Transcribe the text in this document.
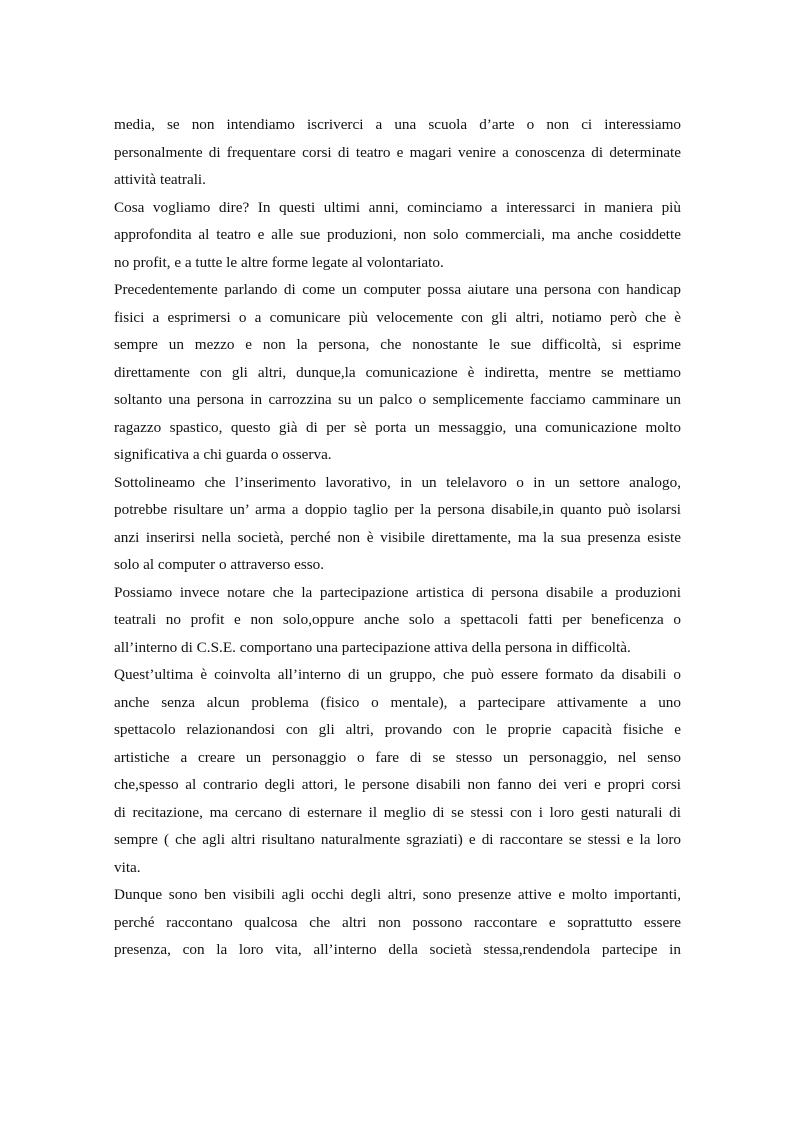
media, se non intendiamo iscriverci a una scuola d’arte o non ci interessiamo
personalmente di frequentare corsi di teatro e magari venire a conoscenza di determinate
attività teatrali.
Cosa vogliamo dire? In questi ultimi anni, cominciamo a interessarci in maniera più
approfondita al teatro e alle sue produzioni, non solo commerciali, ma anche cosiddette
no profit, e a tutte le altre forme legate al volontariato.
Precedentemente parlando di come un computer possa aiutare una persona con handicap
fisici a esprimersi o a comunicare più velocemente con gli altri, notiamo però che è
sempre un mezzo e non la persona, che nonostante le sue difficoltà, si esprime
direttamente con gli altri, dunque,la comunicazione è indiretta, mentre se mettiamo
soltanto una persona in carrozzina su un palco o semplicemente facciamo camminare un
ragazzo spastico, questo già di per sè porta un messaggio, una comunicazione molto
significativa a chi guarda o osserva.
Sottolineamo che l’inserimento lavorativo, in un telelavoro o in un settore analogo,
potrebbe risultare un’ arma a doppio taglio per la persona disabile,in quanto può isolarsi
anzi inserirsi nella società, perché non è visibile direttamente, ma la sua presenza esiste
solo al computer o attraverso esso.
Possiamo invece notare che la partecipazione artistica di persona disabile a produzioni
teatrali no profit e non solo,oppure anche solo a spettacoli fatti per beneficenza o
all’interno di C.S.E. comportano una partecipazione attiva della persona in difficoltà.
Quest’ultima è coinvolta all’interno di un gruppo, che può essere formato da disabili o
anche senza alcun problema (fisico o mentale), a partecipare attivamente a uno
spettacolo relazionandosi con gli altri, provando con le proprie capacità fisiche e
artistiche a creare un personaggio o fare di se stesso un personaggio, nel senso
che,spesso al contrario degli attori, le persone disabili non fanno dei veri e propri corsi
di recitazione, ma cercano di esternare il meglio di se stessi con i loro gesti naturali di
sempre ( che agli altri risultano naturalmente sgraziati) e di raccontare se stessi e la loro
vita.
Dunque sono ben visibili agli occhi degli altri, sono presenze attive e molto importanti,
perché raccontano qualcosa che altri non possono raccontare e soprattutto essere
presenza, con la loro vita, all’interno della società stessa,rendendola partecipe in
